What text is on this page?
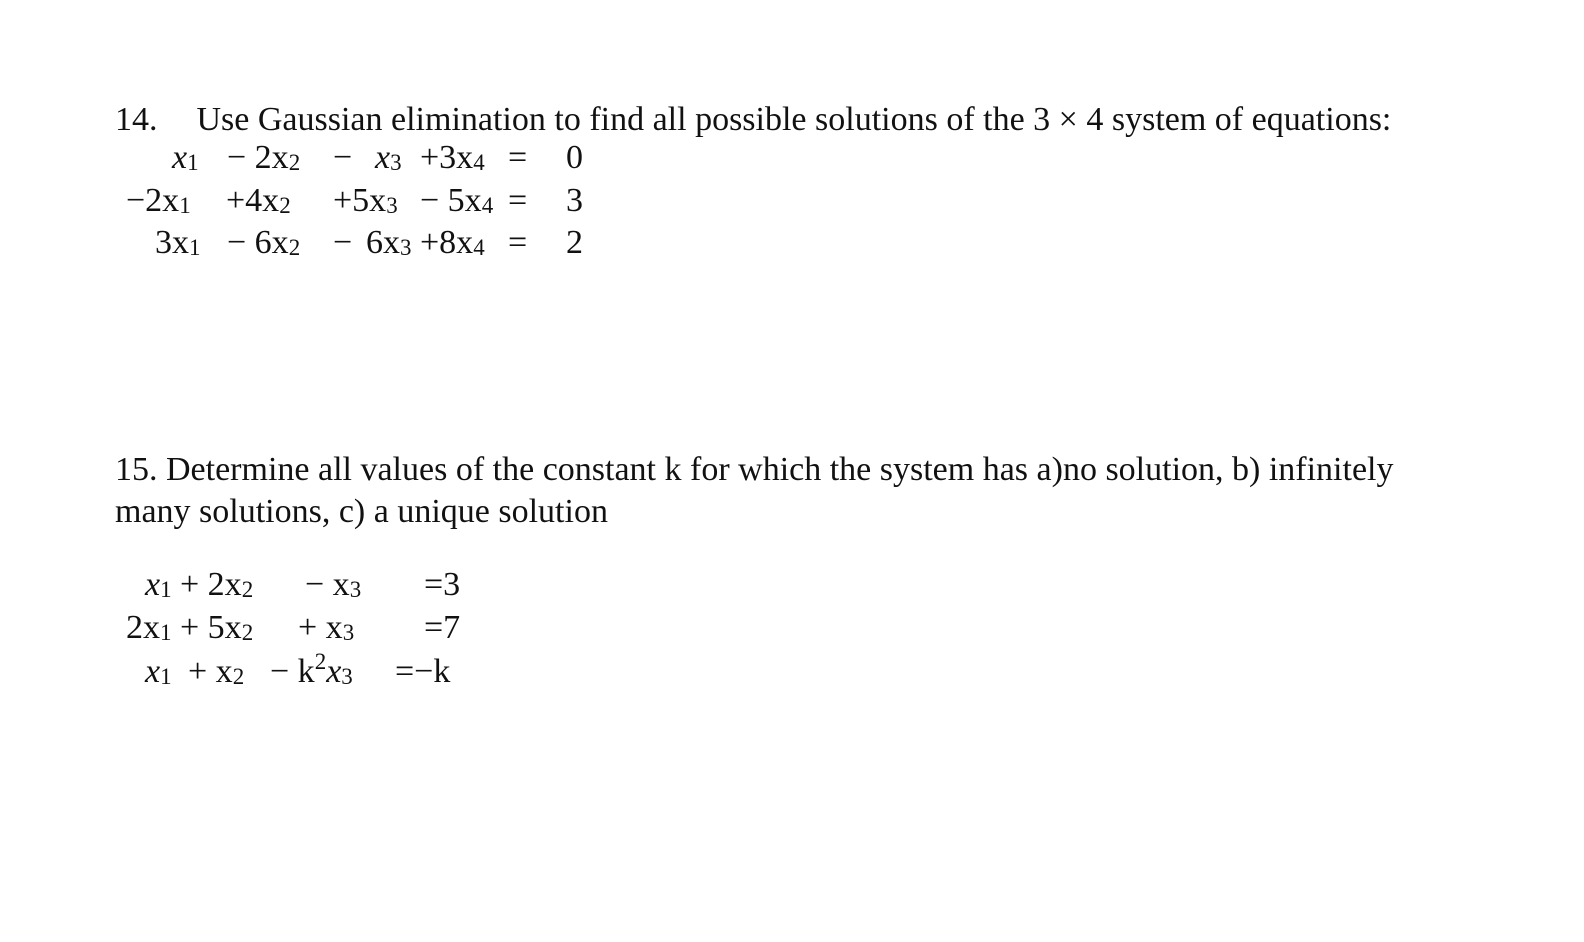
14. Use Gaussian elimination to find all possible solutions of the 3 × 4 system of equations:
$x_1 - 2x_2 - x_3 +3x_4 = 0$
$-2x_1 +4x_2 +5x_3 - 5x_4 = 3$
$3x_1 - 6x_2 - 6x_3 +8x_4 = 2$
15. Determine all values of the constant k for which the system has a)no solution, b) infinitely
many solutions, c) a unique solution
$x_1 + 2x_2 - x_3 =3$
$2x_1 + 5x_2 + x_3 =7$
$x_1 + x_2 - k^2x_3 =-k$
